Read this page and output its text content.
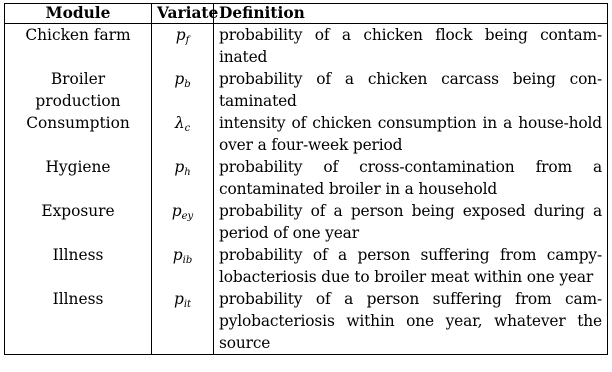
Module	Variate	Definition
Chicken farm	$p_f$	probability of a chicken flock being contam-inated

Broiler production	$p_b$	probability of a chicken carcass being con-taminated

Consumption	$\lambda_c$	intensity of chicken consumption in a house-hold over a four-week period

Hygiene	$p_h$	probability of cross-contamination from a contaminated broiler in a household

Exposure	$p_{ey}$	probability of a person being exposed during a period of one year

Illness	$p_{ib}$	probability of a person suffering from campy-lobacteriosis due to broiler meat within one year

Illness	$p_{it}$	probability of a person suffering from cam-pylobacteriosis within one year, whatever the source
